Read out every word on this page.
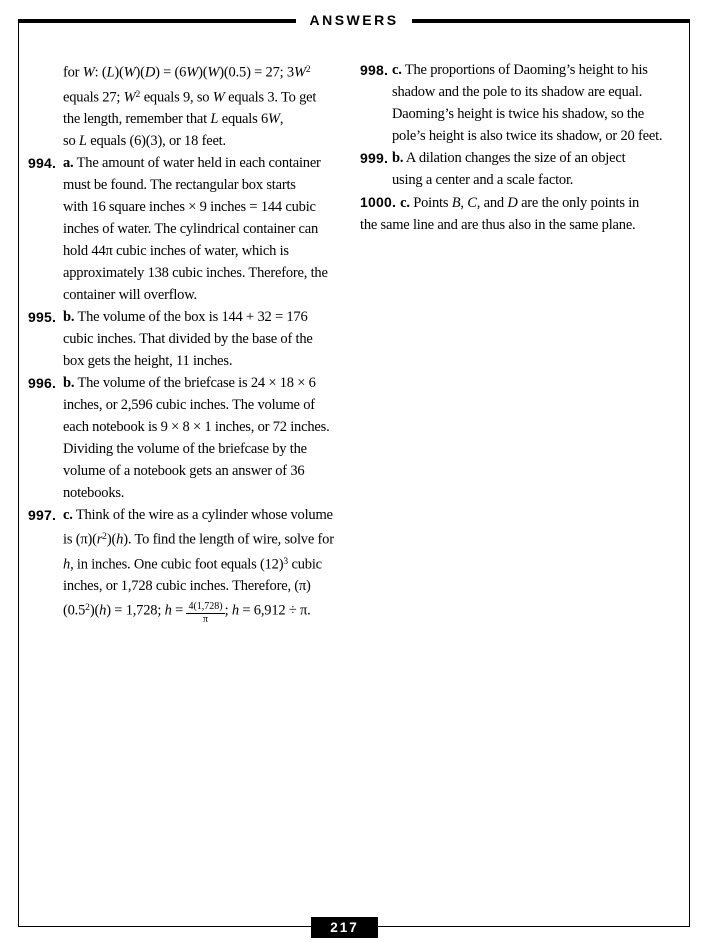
ANSWERS
for W: (L)(W)(D) = (6W)(W)(0.5) = 27; $3W^2$
equals 27; $W^2$ equals 9, so W equals 3. To get
the length, remember that L equals 6W,
so L equals (6)(3), or 18 feet.
994. a. The amount of water held in each container
must be found. The rectangular box starts
with 16 square inches × 9 inches = 144 cubic
inches of water. The cylindrical container can
hold 44π cubic inches of water, which is
approximately 138 cubic inches. Therefore, the
container will overflow.
995. b. The volume of the box is 144 + 32 = 176
cubic inches. That divided by the base of the
box gets the height, 11 inches.
996. b. The volume of the briefcase is 24 × 18 × 6
inches, or 2,596 cubic inches. The volume of
each notebook is 9 × 8 × 1 inches, or 72 inches.
Dividing the volume of the briefcase by the
volume of a notebook gets an answer of 36
notebooks.
997. c. Think of the wire as a cylinder whose volume
is $(\pi)(r^2)(h)$. To find the length of wire, solve for
h, in inches. One cubic foot equals $(12)^3$ cubic
inches, or 1,728 cubic inches. Therefore, (π)
$(0.5^2)(h) = 1,728$; $h = \frac{4(1,728)}{\pi}$ ; h = 6,912 ÷ π.
998. c. The proportions of Daoming’s height to his
shadow and the pole to its shadow are equal.
Daoming’s height is twice his shadow, so the
pole’s height is also twice its shadow, or 20 feet.
999. b. A dilation changes the size of an object
using a center and a scale factor.
1000. c. Points B, C, and D are the only points in
the same line and are thus also in the same plane.
217
